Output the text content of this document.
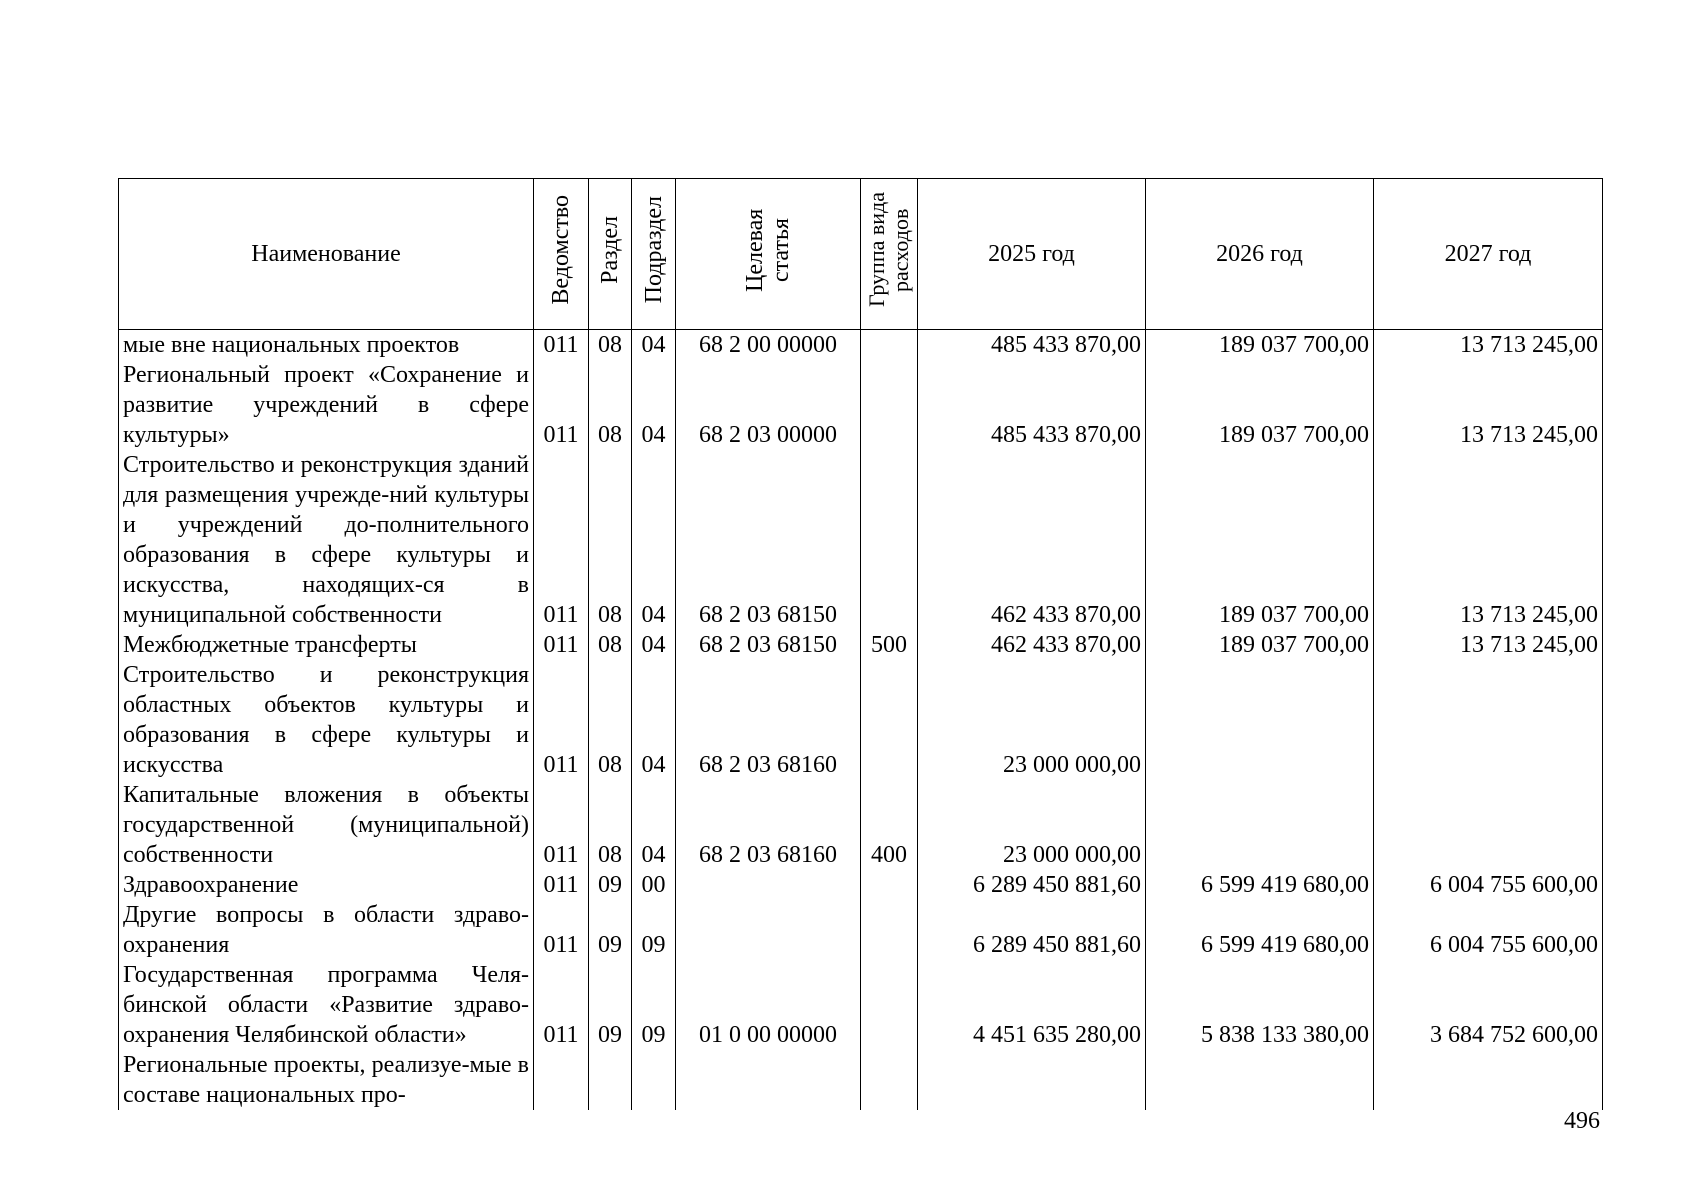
Наименование	Ведомство	Раздел	Подраздел	Целевая статья	Группа вида расходов	2025 год	2026 год	2027 год
мые вне национальных проектов	011	08	04	68 2 00 00000		485 433 870,00	189 037 700,00	13 713 245,00
Региональный проект «Сохранение и развитие учреждений в сфере культуры»	011	08	04	68 2 03 00000		485 433 870,00	189 037 700,00	13 713 245,00
Строительство и реконструкция зданий для размещения учрежде-ний культуры и учреждений до-полнительного образования в сфере культуры и искусства, находящих-ся в муниципальной собственности	011	08	04	68 2 03 68150		462 433 870,00	189 037 700,00	13 713 245,00
Межбюджетные трансферты	011	08	04	68 2 03 68150	500	462 433 870,00	189 037 700,00	13 713 245,00
Строительство и реконструкция областных объектов культуры и образования в сфере культуры и искусства	011	08	04	68 2 03 68160		23 000 000,00		
Капитальные вложения в объекты государственной (муниципальной) собственности	011	08	04	68 2 03 68160	400	23 000 000,00		
Здравоохранение	011	09	00			6 289 450 881,60	6 599 419 680,00	6 004 755 600,00
Другие вопросы в области здраво-охранения	011	09	09			6 289 450 881,60	6 599 419 680,00	6 004 755 600,00
Государственная программа Челя-бинской области «Развитие здраво-охранения Челябинской области»	011	09	09	01 0 00 00000		4 451 635 280,00	5 838 133 380,00	3 684 752 600,00
Региональные проекты, реализуе-мые в составе национальных про-								
496
